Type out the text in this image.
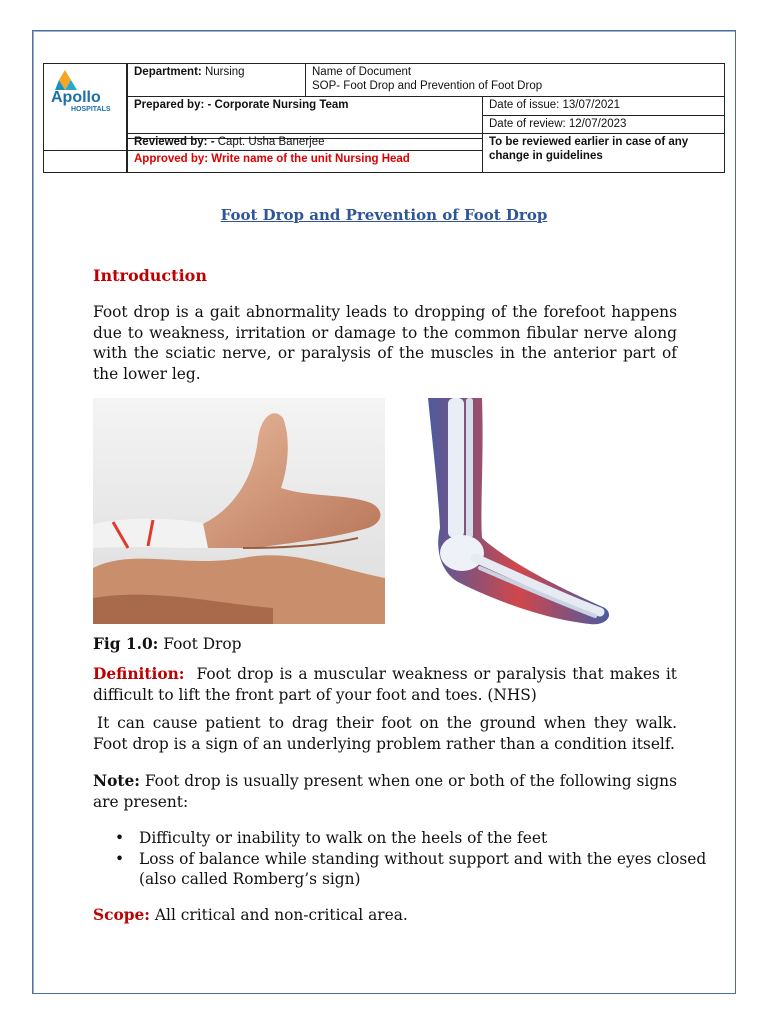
Apollo
HOSPITALS
Department: Nursing	Name of Document
SOP- Foot Drop and Prevention of Foot Drop
Prepared by: - Corporate Nursing Team	Date of issue: 13/07/2021
Date of review: 12/07/2023
Reviewed by: - Capt. Usha Banerjee	To be reviewed earlier in case of any change in guidelines
Approved by: Write name of the unit Nursing Head
Foot Drop and Prevention of Foot Drop
Introduction
Foot drop is a gait abnormality leads to dropping of the forefoot happens due to weakness, irritation or damage to the common fibular nerve along with the sciatic nerve, or paralysis of the muscles in the anterior part of the lower leg.
Fig 1.0: Foot Drop
Definition: Foot drop is a muscular weakness or paralysis that makes it difficult to lift the front part of your foot and toes. (NHS)
It can cause patient to drag their foot on the ground when they walk. Foot drop is a sign of an underlying problem rather than a condition itself.
Note: Foot drop is usually present when one or both of the following signs are present:
• Difficulty or inability to walk on the heels of the feet
• Loss of balance while standing without support and with the eyes closed (also called Romberg’s sign)
Scope: All critical and non-critical area.
